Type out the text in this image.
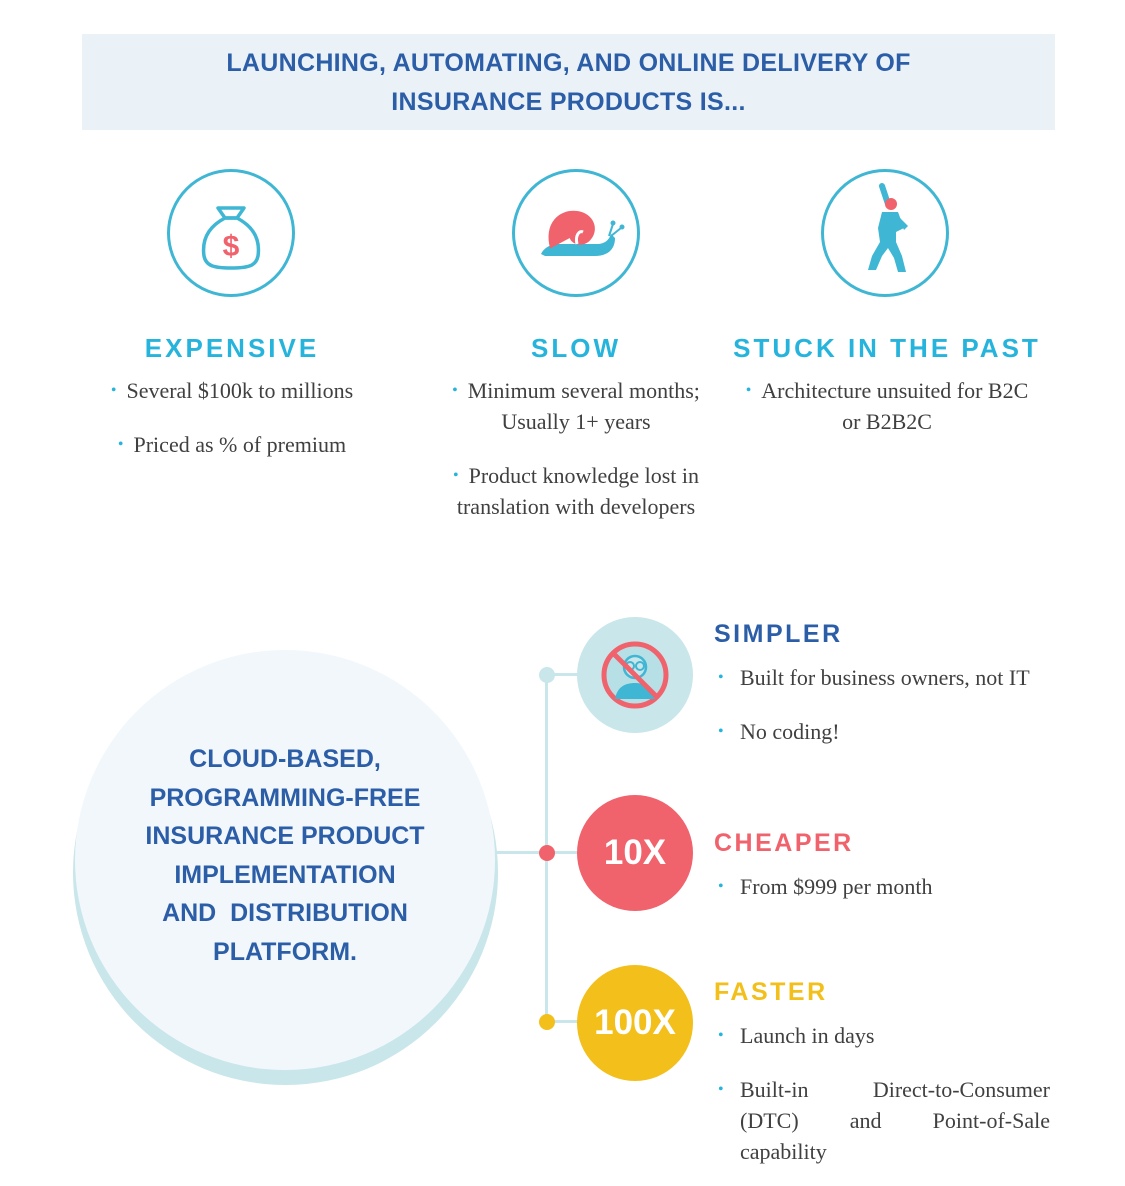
LAUNCHING, AUTOMATING, AND ONLINE DELIVERY OF
INSURANCE PRODUCTS IS...
$
EXPENSIVE
• Several $100k to millions
• Priced as % of premium
SLOW
• Minimum several months; Usually 1+ years
• Product knowledge lost in translation with developers
STUCK IN THE PAST
• Architecture unsuited for B2C or B2B2C
CLOUD-BASED,
PROGRAMMING-FREE
INSURANCE PRODUCT
IMPLEMENTATION
AND  DISTRIBUTION
PLATFORM.
10X
100X
SIMPLER
• Built for business owners, not IT
• No coding!
CHEAPER
• From $999 per month
FASTER
• Launch in days
• Built-in Direct-to-Consumer (DTC) and Point-of-Sale capability
